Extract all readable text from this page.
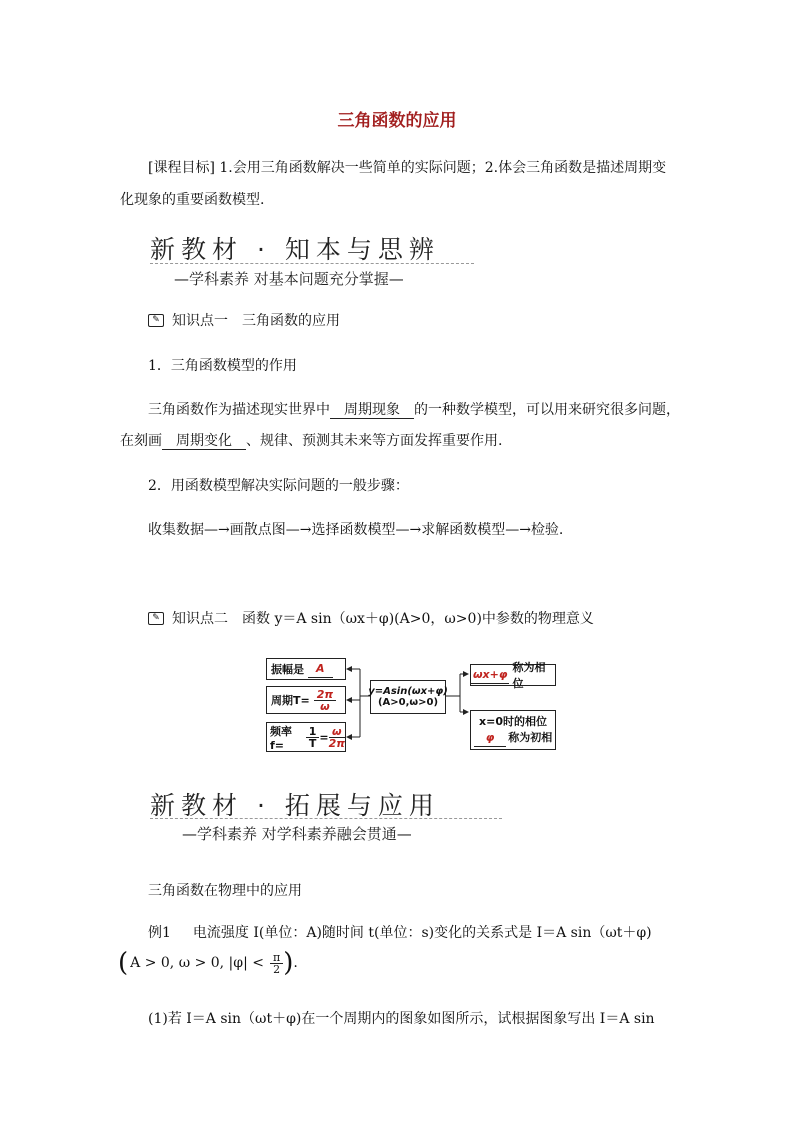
三角函数的应用
[课程目标] 1.会用三角函数解决一些简单的实际问题；2.体会三角函数是描述周期变
化现象的重要函数模型.
新教材 · 知本与思辨
—学科素养 对基本问题充分掌握—
✎ 知识点一　三角函数的应用
1．三角函数模型的作用
三角函数作为描述现实世界中 周期现象 的一种数学模型，可以用来研究很多问题，
在刻画 周期变化 、规律、预测其未来等方面发挥重要作用.
2．用函数模型解决实际问题的一般步骤：
收集数据—→画散点图—→选择函数模型—→求解函数模型—→检验.
✎ 知识点二　函数 y＝A sin（ωx＋φ)(A>0，ω>0)中参数的物理意义
振幅是	A
周期$T= \frac{2\pi}{\omega}$
频率f=	$\frac{1}{T} = \frac{\omega}{2\pi}$
y=Asin(ωx+φ)
(A>0,ω>0)
ωx+φ 称为相位
x=0时的相位
φ 称为初相
新教材 · 拓展与应用
—学科素养 对学科素养融会贯通—
三角函数在物理中的应用
例1 电流强度 I(单位：A)随时间 t(单位：s)变化的关系式是 I＝A sin（ωt＋φ)
( A > 0, ω > 0, $|\varphi| < \frac{\pi}{2}$ ) .
(1)若 I＝A sin（ωt＋φ)在一个周期内的图象如图所示，试根据图象写出 I＝A sin
